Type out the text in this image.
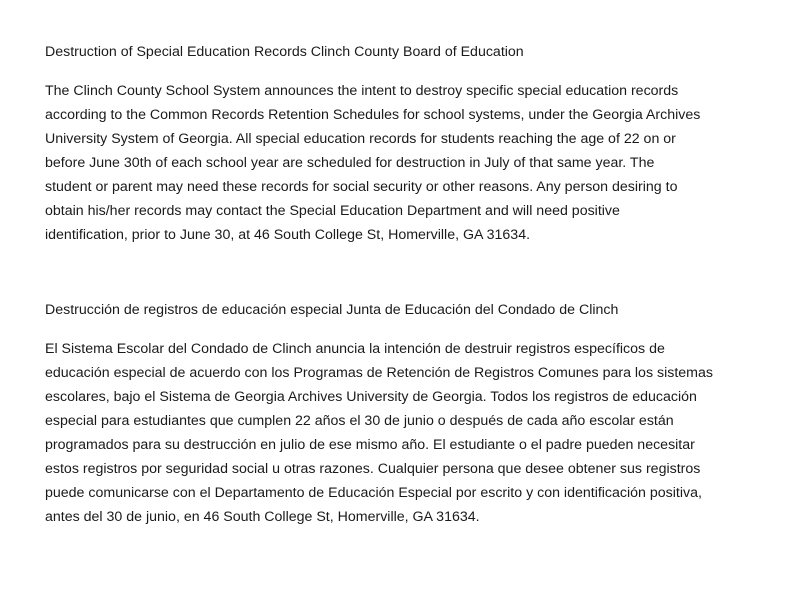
Destruction of Special Education Records Clinch County Board of Education

The Clinch County School System announces the intent to destroy specific special education records
according to the Common Records Retention Schedules for school systems, under the Georgia Archives
University System of Georgia. All special education records for students reaching the age of 22 on or
before June 30th of each school year are scheduled for destruction in July of that same year. The
student or parent may need these records for social security or other reasons. Any person desiring to
obtain his/her records may contact the Special Education Department and will need positive
identification, prior to June 30, at 46 South College St, Homerville, GA 31634.

Destrucción de registros de educación especial Junta de Educación del Condado de Clinch

El Sistema Escolar del Condado de Clinch anuncia la intención de destruir registros específicos de
educación especial de acuerdo con los Programas de Retención de Registros Comunes para los sistemas
escolares, bajo el Sistema de Georgia Archives University de Georgia. Todos los registros de educación
especial para estudiantes que cumplen 22 años el 30 de junio o después de cada año escolar están
programados para su destrucción en julio de ese mismo año. El estudiante o el padre pueden necesitar
estos registros por seguridad social u otras razones. Cualquier persona que desee obtener sus registros
puede comunicarse con el Departamento de Educación Especial por escrito y con identificación positiva,
antes del 30 de junio, en 46 South College St, Homerville, GA 31634.
